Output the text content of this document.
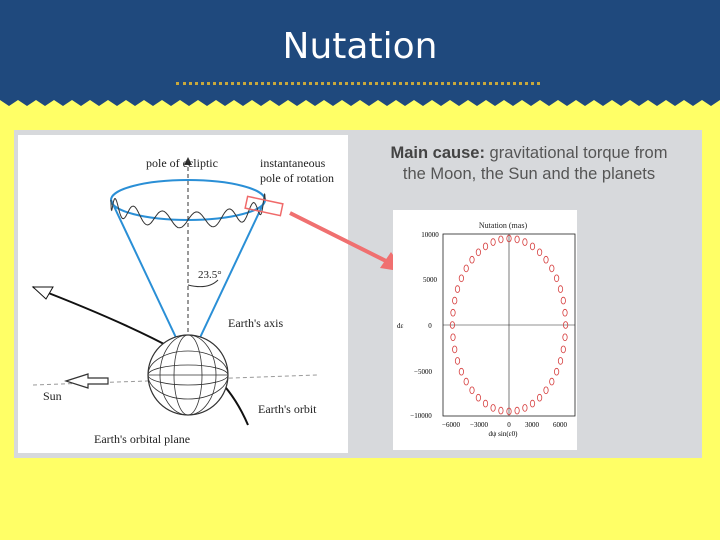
Nutation
pole of ecliptic	instantaneous
pole of rotation
23.5°
Earth's axis
Sun
Earth's orbit
Earth's orbital plane
Main cause: gravitational torque from
the Moon, the Sun and the planets
Nutation (mas)
10000
5000
0
−5000
−10000
dε
−6000 −3000	0 3000 6000
dψ sin(ε0)
